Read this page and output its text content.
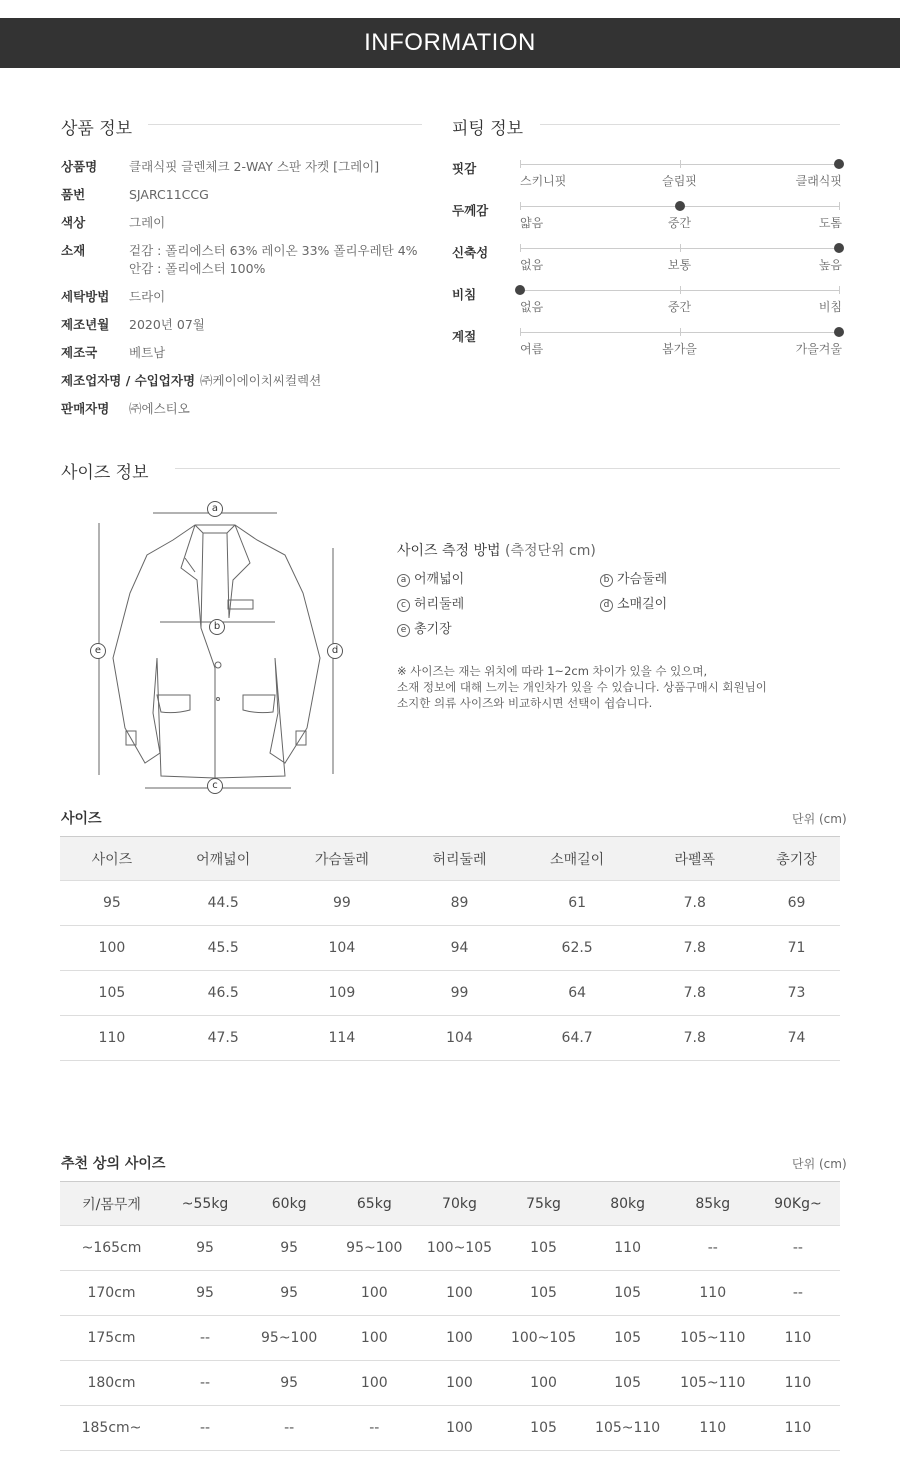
INFORMATION
상품 정보
상품명	클래식핏 글렌체크 2-WAY 스판 자켓 [그레이]
품번	SJARC11CCG
색상	그레이
소재	겉감 : 폴리에스터 63% 레이온 33% 폴리우레탄 4%
안감 : 폴리에스터 100%
세탁방법 드라이
제조년월 2020년 07월
제조국	베트남
제조업자명 / 수입업자명 ㈜케이에이치씨컬렉션
판매자명 ㈜에스티오
피팅 정보
핏감
스키니핏	슬림핏	클래식핏
두께감
얇음	중간	도톰
신축성
없음	보통	높음
비침
없음	중간	비침
계절
여름	봄가을	가을겨울
사이즈 정보
a
b
c
d
e
사이즈 측정 방법 (측정단위 cm)
a 어깨넓이	b 가슴둘레
c 허리둘레	d 소매길이
e 총기장
※ 사이즈는 재는 위치에 따라 1~2cm 차이가 있을 수 있으며,
소재 정보에 대해 느끼는 개인차가 있을 수 있습니다. 상품구매시 회원님이
소지한 의류 사이즈와 비교하시면 선택이 쉽습니다.
사이즈	단위 (cm)
사이즈	어깨넓이	가슴둘레	허리둘레	소매길이	라펠폭	총기장
95	44.5	99	89	61	7.8	69
100	45.5	104	94	62.5	7.8	71
105	46.5	109	99	64	7.8	73
110	47.5	114	104	64.7	7.8	74
추천 상의 사이즈	단위 (cm)
키/몸무게	~55kg	60kg	65kg	70kg	75kg	80kg	85kg	90Kg~
~165cm	95	95	95~100	100~105	105	110	--	--
170cm	95	95	100	100	105	105	110	--
175cm	--	95~100	100	100	100~105	105	105~110	110
180cm	--	95	100	100	100	105	105~110	110
185cm~	--	--	--	100	105	105~110	110	110
